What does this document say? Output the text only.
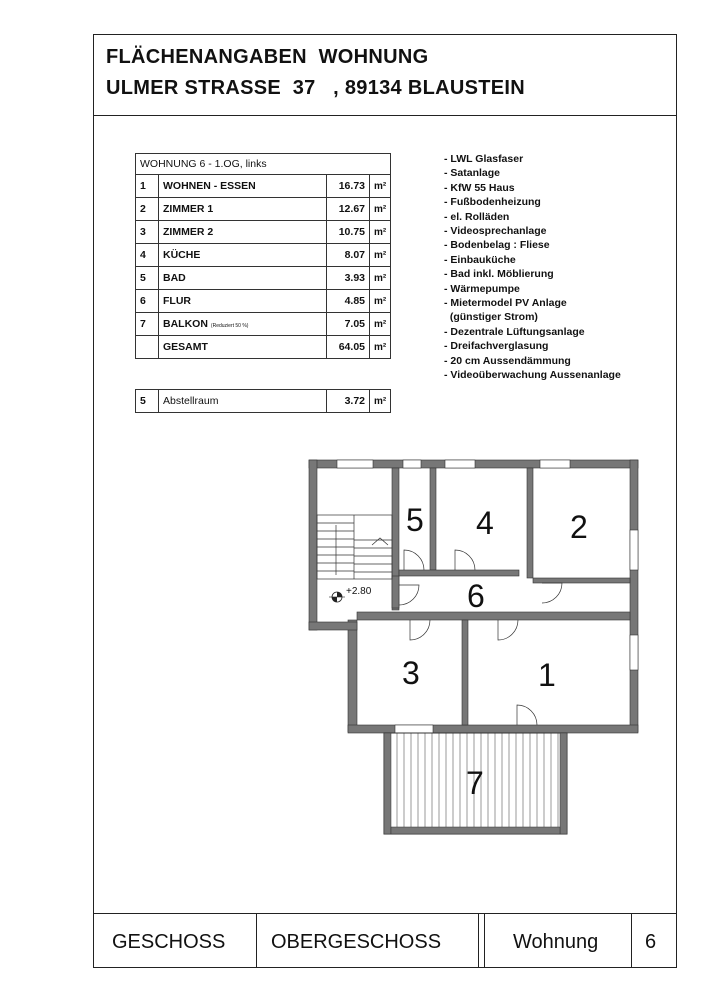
FLÄCHENANGABEN  WOHNUNG
ULMER STRASSE  37   , 89134 BLAUSTEIN
WOHNUNG 6 - 1.OG, links			
1	WOHNEN - ESSEN	16.73	m²
2	ZIMMER 1	12.67	m²
3	ZIMMER 2	10.75	m²
4	KÜCHE	8.07	m²
5	BAD	3.93	m²
6	FLUR	4.85	m²
7	BALKON (Reduziert 50 %)	7.05	m²
	GESAMT	64.05	m²
5	Abstellraum	3.72	m²
- LWL Glasfaser
- Satanlage
- KfW 55 Haus
- Fußbodenheizung
- el. Rolläden
- Videosprechanlage
- Bodenbelag : Fliese
- Einbauküche
- Bad inkl. Möblierung
- Wärmepumpe
- Mietermodel PV Anlage
(günstiger Strom)
- Dezentrale Lüftungsanlage
- Dreifachverglasung
- 20 cm Aussendämmung
- Videoüberwachung Aussenanlage
+2.80
1
2
3
4
5
6
7
GESCHOSS OBERGESCHOSS	Wohnung 6
